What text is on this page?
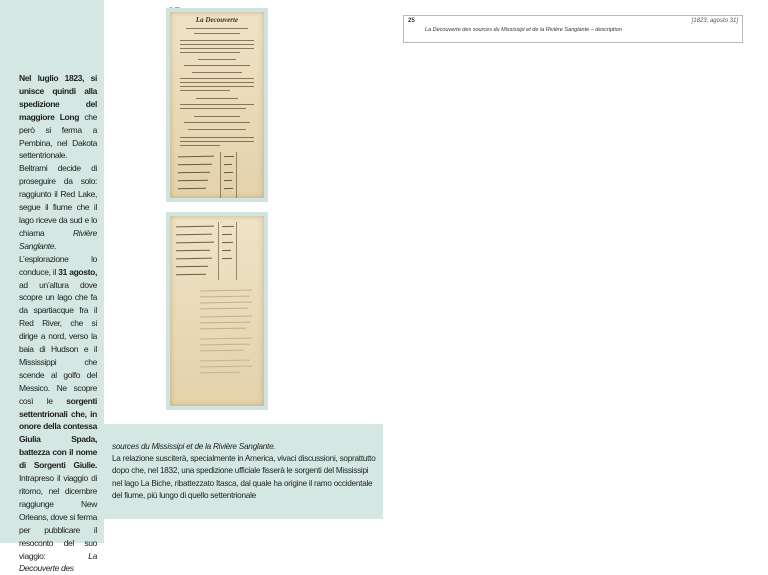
Nel luglio 1823, si unisce quindi alla spedizione del maggiore Long che però si ferma a Pembina, nel Dakota settentrionale. Beltrami decide di proseguire da solo: raggiunto il Red Lake, segue il fiume che il lago riceve da sud e lo chiama Rivière Sanglante. L’esplorazione lo conduce, il 31 agosto, ad un’altura dove scopre un lago che fa da spartiacque fra il Red River, che si dirige a nord, verso la baia di Hudson e il Mississippi che scende al golfo del Messico. Ne scopre così le sorgenti settentrionali che, in onore della contessa Giulia Spada, battezza con il nome di Sorgenti Giulie. Intrapreso il viaggio di ritorno, nel dicembre raggiunge New Orleans, dove si ferma per pubblicare il resoconto del suo viaggio: La Decouverte des
La Decouverte
sources du Mississipi et de la Rivière Sanglante.
La relazione susciterà, specialmente in America, vivaci discussioni, soprattutto dopo che, nel 1832, una spedizione ufficiale fisserà le sorgenti del Mississipi nel lago La Biche, ribattezzato Itasca, dal quale ha origine il ramo occidentale del fiume, più lungo di quello settentrionale
25	[1823, agosto 31]
La Decouverte des sources du Mississipi et de la Rivière Sanglante – description
